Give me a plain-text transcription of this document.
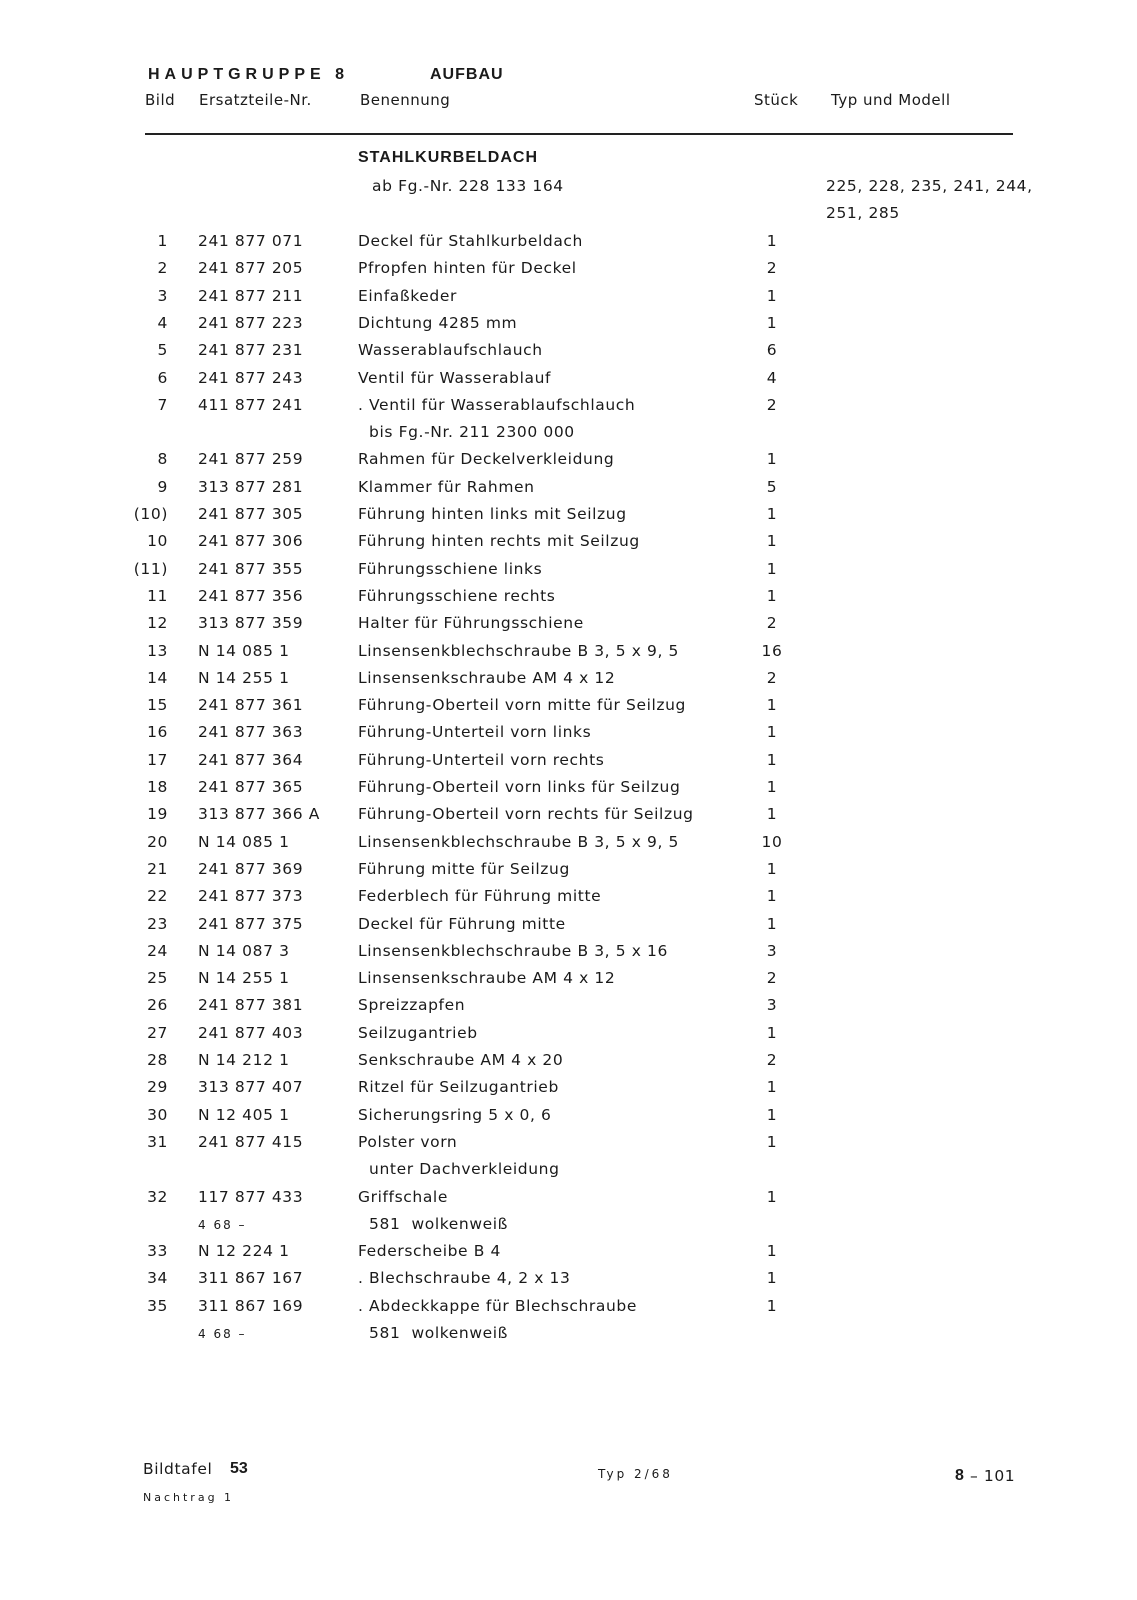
HAUPTGRUPPE 8	AUFBAU
Bild Ersatzteile-Nr.	Benennung	Stück Typ und Modell
STAHLKURBELDACH
ab Fg.-Nr. 228 133 164	225, 228, 235, 241, 244,
251, 285
1 241 877 071	Deckel für Stahlkurbeldach	1
2 241 877 205	Pfropfen hinten für Deckel	2
3 241 877 211	Einfaßkeder	1
4 241 877 223	Dichtung 4285 mm	1
5 241 877 231	Wasserablaufschlauch	6
6 241 877 243	Ventil für Wasserablauf	4
7 411 877 241	. Ventil für Wasserablaufschlauch	2
bis Fg.-Nr. 211 2300 000
8 241 877 259	Rahmen für Deckelverkleidung	1
9 313 877 281	Klammer für Rahmen	5
(10) 241 877 305	Führung hinten links mit Seilzug	1
10 241 877 306	Führung hinten rechts mit Seilzug	1
(11) 241 877 355	Führungsschiene links	1
11 241 877 356	Führungsschiene rechts	1
12 313 877 359	Halter für Führungsschiene	2
13 N 14 085 1	Linsensenkblechschraube B 3, 5 x 9, 5	16
14 N 14 255 1	Linsensenkschraube AM 4 x 12	2
15 241 877 361	Führung-Oberteil vorn mitte für Seilzug	1
16 241 877 363	Führung-Unterteil vorn links	1
17 241 877 364	Führung-Unterteil vorn rechts	1
18 241 877 365	Führung-Oberteil vorn links für Seilzug	1
19 313 877 366 A Führung-Oberteil vorn rechts für Seilzug	1
20 N 14 085 1	Linsensenkblechschraube B 3, 5 x 9, 5	10
21 241 877 369	Führung mitte für Seilzug	1
22 241 877 373	Federblech für Führung mitte	1
23 241 877 375	Deckel für Führung mitte	1
24 N 14 087 3	Linsensenkblechschraube B 3, 5 x 16	3
25 N 14 255 1	Linsensenkschraube AM 4 x 12	2
26 241 877 381	Spreizzapfen	3
27 241 877 403	Seilzugantrieb	1
28 N 14 212 1	Senkschraube AM 4 x 20	2
29 313 877 407	Ritzel für Seilzugantrieb	1
30 N 12 405 1	Sicherungsring 5 x 0, 6	1
31 241 877 415	Polster vorn	1
unter Dachverkleidung
32 117 877 433	Griffschale	1
4 68 –	581  wolkenweiß
33 N 12 224 1	Federscheibe B 4	1
34 311 867 167	. Blechschraube 4, 2 x 13	1
35 311 867 169	. Abdeckkappe für Blechschraube	1
4 68 –	581  wolkenweiß
Bildtafel 53
Nachtrag 1
Typ 2/68	8 – 101
